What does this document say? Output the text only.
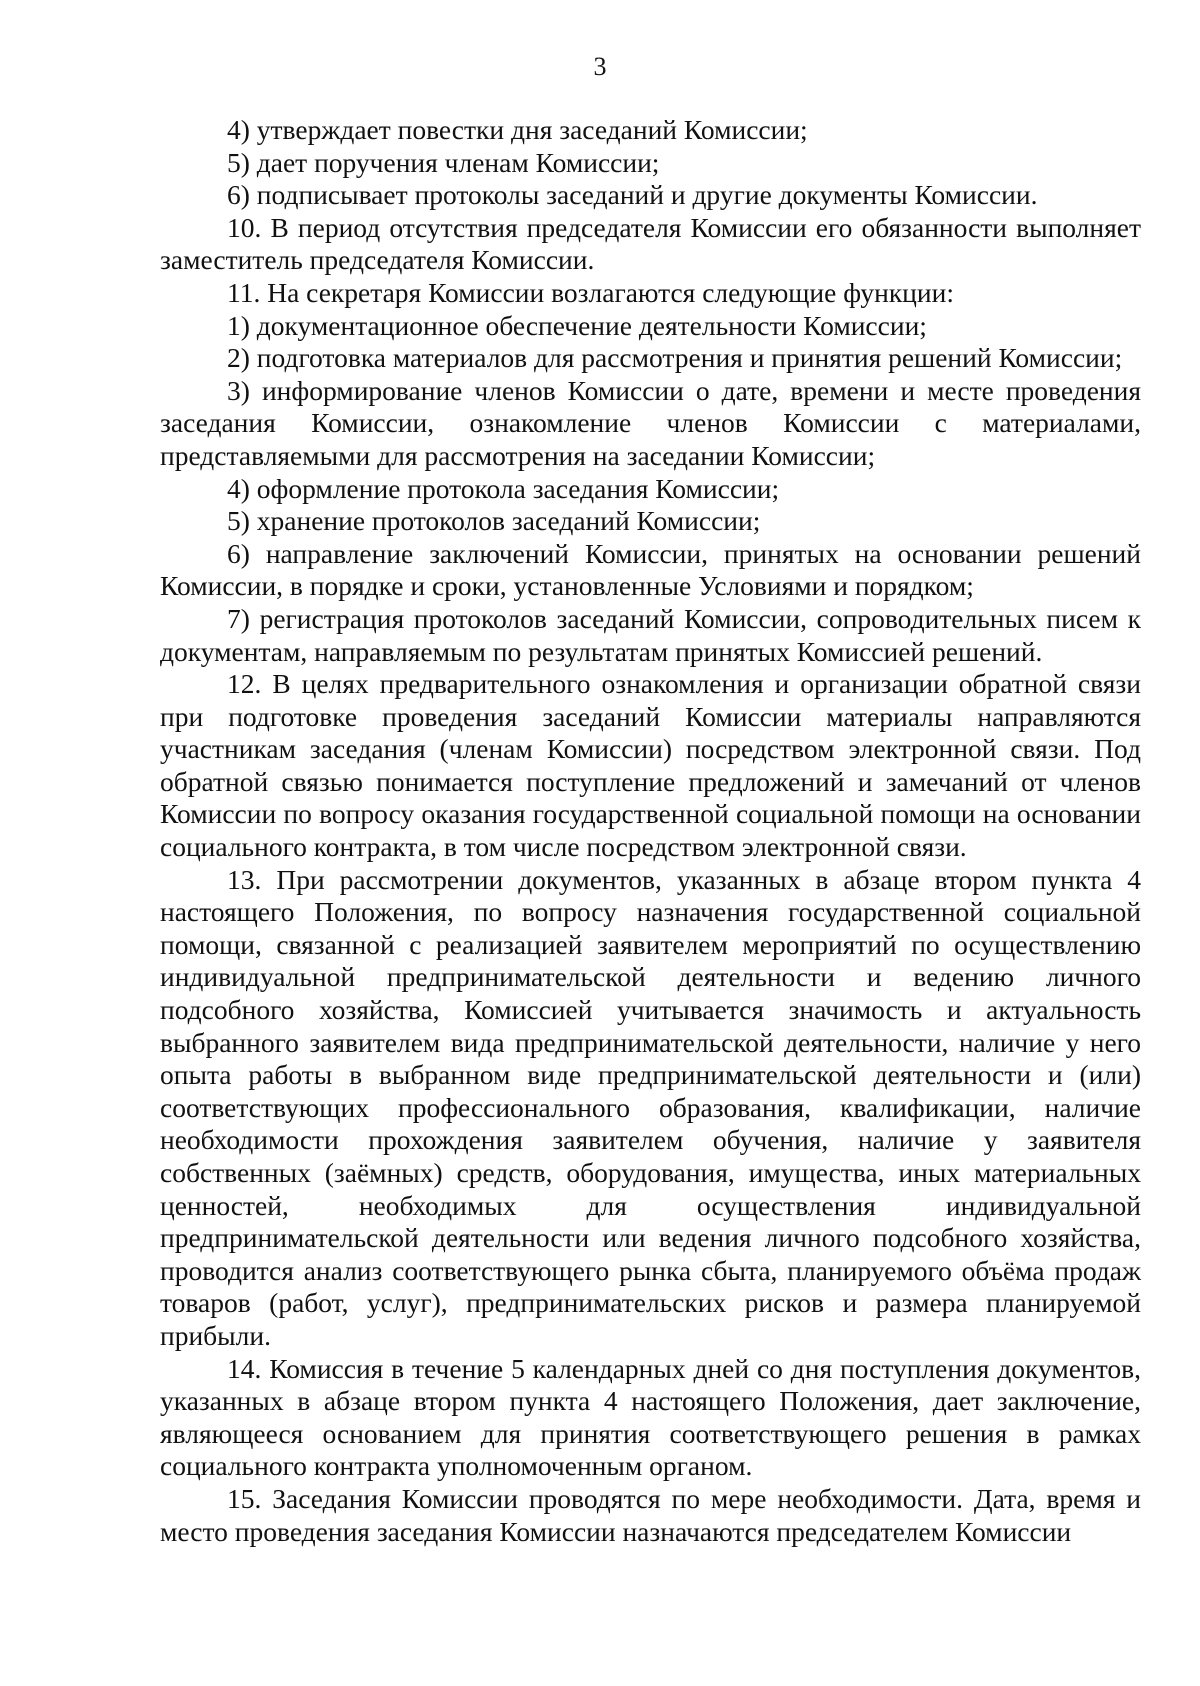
3

4) утверждает повестки дня заседаний Комиссии;

5) дает поручения членам Комиссии;

6) подписывает протоколы заседаний и другие документы Комиссии.

10. В период отсутствия председателя Комиссии его обязанности выполняет заместитель председателя Комиссии.

11. На секретаря Комиссии возлагаются следующие функции:

1) документационное обеспечение деятельности Комиссии;

2) подготовка материалов для рассмотрения и принятия решений Комиссии;

3) информирование членов Комиссии о дате, времени и месте проведения заседания Комиссии, ознакомление членов Комиссии с материалами, представляемыми для рассмотрения на заседании Комиссии;

4) оформление протокола заседания Комиссии;

5) хранение протоколов заседаний Комиссии;

6) направление заключений Комиссии, принятых на основании решений Комиссии, в порядке и сроки, установленные Условиями и порядком;

7) регистрация протоколов заседаний Комиссии, сопроводительных писем к документам, направляемым по результатам принятых Комиссией решений.

12. В целях предварительного ознакомления и организации обратной связи при подготовке проведения заседаний Комиссии материалы направляются участникам заседания (членам Комиссии) посредством электронной связи. Под обратной связью понимается поступление предложений и замечаний от членов Комиссии по вопросу оказания государственной социальной помощи на основании социального контракта, в том числе посредством электронной связи.

13. При рассмотрении документов, указанных в абзаце втором пункта 4 настоящего Положения, по вопросу назначения государственной социальной помощи, связанной с реализацией заявителем мероприятий по осуществлению индивидуальной предпринимательской деятельности и ведению личного подсобного хозяйства, Комиссией учитывается значимость и актуальность выбранного заявителем вида предпринимательской деятельности, наличие у него опыта работы в выбранном виде предпринимательской деятельности и (или) соответствующих профессионального образования, квалификации, наличие необходимости прохождения заявителем обучения, наличие у заявителя собственных (заёмных) средств, оборудования, имущества, иных материальных ценностей, необходимых для осуществления индивидуальной предпринимательской деятельности или ведения личного подсобного хозяйства, проводится анализ соответствующего рынка сбыта, планируемого объёма продаж товаров (работ, услуг), предпринимательских рисков и размера планируемой прибыли.

14. Комиссия в течение 5 календарных дней со дня поступления документов, указанных в абзаце втором пункта 4 настоящего Положения, дает заключение, являющееся основанием для принятия соответствующего решения в рамках социального контракта уполномоченным органом.

15. Заседания Комиссии проводятся по мере необходимости. Дата, время и место проведения заседания Комиссии назначаются председателем Комиссии
